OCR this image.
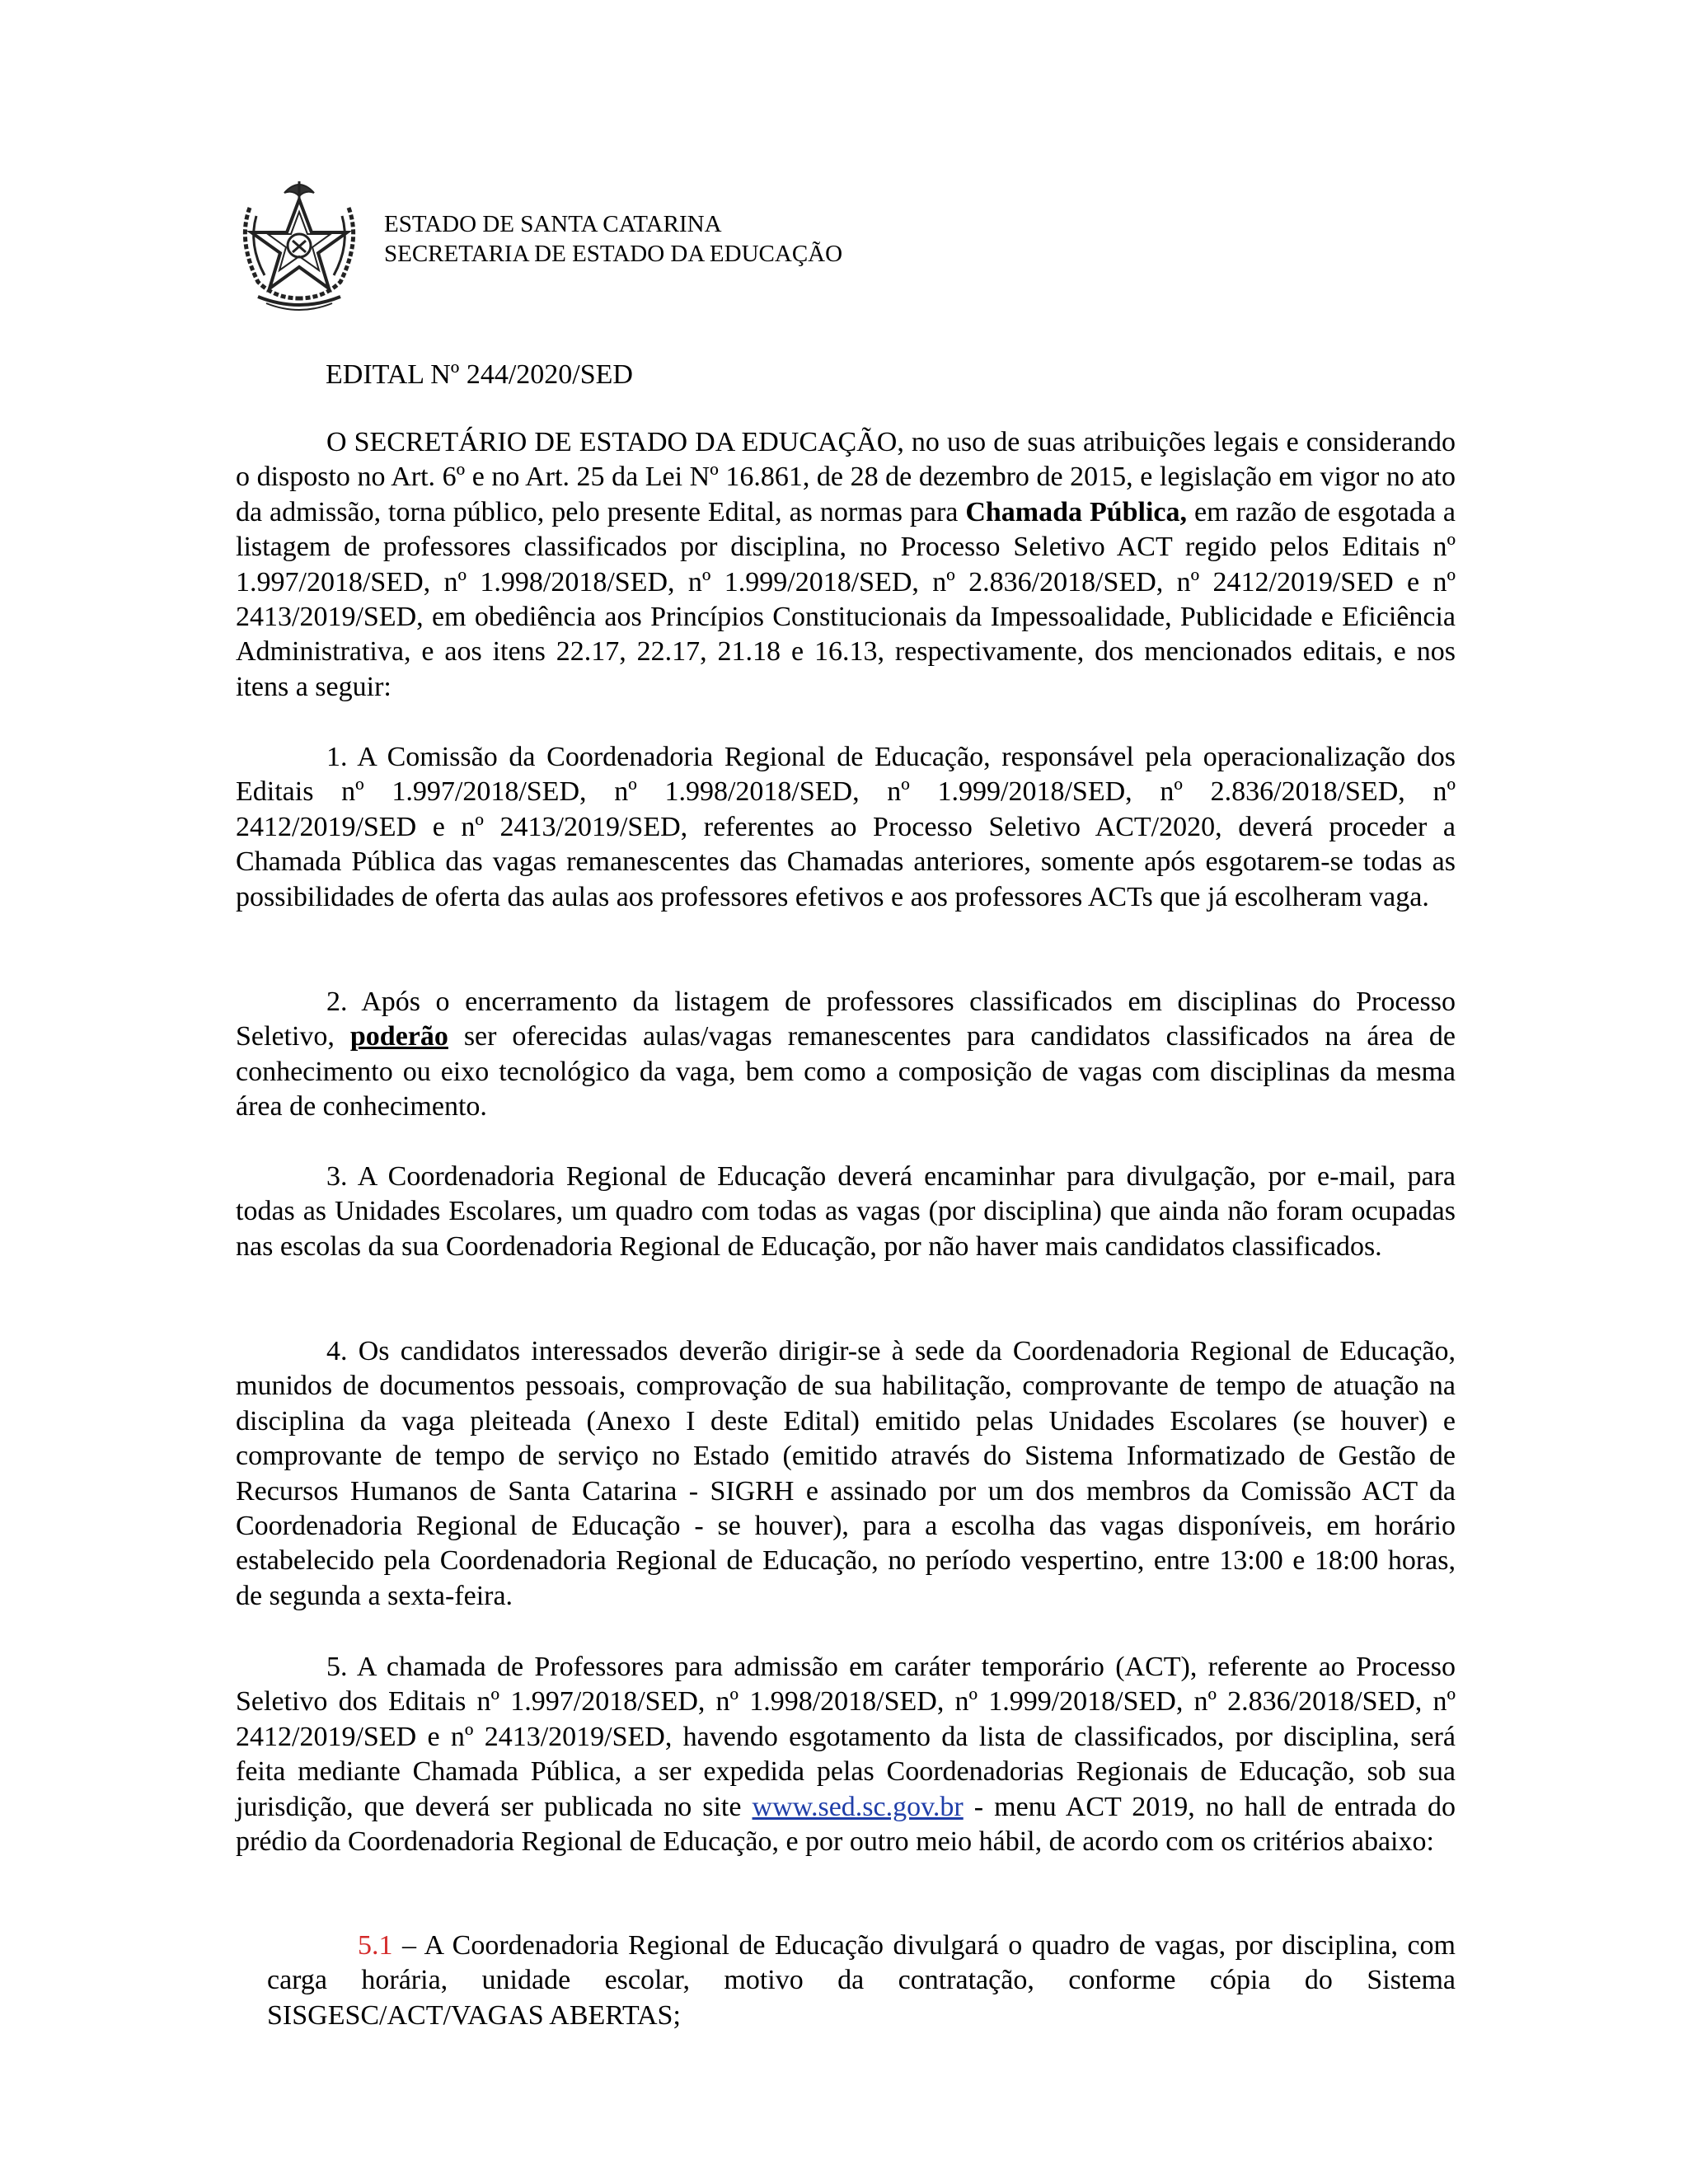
ESTADO DE SANTA CATARINA
SECRETARIA DE ESTADO DA EDUCAÇÃO
EDITAL Nº 244/2020/SED

O SECRETÁRIO DE ESTADO DA EDUCAÇÃO, no uso de suas atribuições legais e considerando o disposto no Art. 6º e no Art. 25 da Lei Nº 16.861, de 28 de dezembro de 2015, e legislação em vigor no ato da admissão, torna público, pelo presente Edital, as normas para Chamada Pública, em razão de esgotada a listagem de professores classificados por disciplina, no Processo Seletivo ACT regido pelos Editais nº 1.997/2018/SED, nº 1.998/2018/SED, nº 1.999/2018/SED, nº 2.836/2018/SED, nº 2412/2019/SED e nº 2413/2019/SED, em obediência aos Princípios Constitucionais da Impessoalidade, Publicidade e Eficiência Administrativa, e aos itens 22.17, 22.17, 21.18 e 16.13, respectivamente, dos mencionados editais, e nos itens a seguir:

1. A Comissão da Coordenadoria Regional de Educação, responsável pela operacionalização dos Editais nº 1.997/2018/SED, nº 1.998/2018/SED, nº 1.999/2018/SED, nº 2.836/2018/SED, nº 2412/2019/SED e nº 2413/2019/SED, referentes ao Processo Seletivo ACT/2020, deverá proceder a Chamada Pública das vagas remanescentes das Chamadas anteriores, somente após esgotarem-se todas as possibilidades de oferta das aulas aos professores efetivos e aos professores ACTs que já escolheram vaga.

2. Após o encerramento da listagem de professores classificados em disciplinas do Processo Seletivo, poderão ser oferecidas aulas/vagas remanescentes para candidatos classificados na área de conhecimento ou eixo tecnológico da vaga, bem como a composição de vagas com disciplinas da mesma área de conhecimento.

3. A Coordenadoria Regional de Educação deverá encaminhar para divulgação, por e-mail, para todas as Unidades Escolares, um quadro com todas as vagas (por disciplina) que ainda não foram ocupadas nas escolas da sua Coordenadoria Regional de Educação, por não haver mais candidatos classificados.

4. Os candidatos interessados deverão dirigir-se à sede da Coordenadoria Regional de Educação, munidos de documentos pessoais, comprovação de sua habilitação, comprovante de tempo de atuação na disciplina da vaga pleiteada (Anexo I deste Edital) emitido pelas Unidades Escolares (se houver) e comprovante de tempo de serviço no Estado (emitido através do Sistema Informatizado de Gestão de Recursos Humanos de Santa Catarina - SIGRH e assinado por um dos membros da Comissão ACT da Coordenadoria Regional de Educação - se houver), para a escolha das vagas disponíveis, em horário estabelecido pela Coordenadoria Regional de Educação, no período vespertino, entre 13:00 e 18:00 horas, de segunda a sexta-feira.

5. A chamada de Professores para admissão em caráter temporário (ACT), referente ao Processo Seletivo dos Editais nº 1.997/2018/SED, nº 1.998/2018/SED, nº 1.999/2018/SED, nº 2.836/2018/SED, nº 2412/2019/SED e nº 2413/2019/SED, havendo esgotamento da lista de classificados, por disciplina, será feita mediante Chamada Pública, a ser expedida pelas Coordenadorias Regionais de Educação, sob sua jurisdição, que deverá ser publicada no site www.sed.sc.gov.br - menu ACT 2019, no hall de entrada do prédio da Coordenadoria Regional de Educação, e por outro meio hábil, de acordo com os critérios abaixo:

5.1 – A Coordenadoria Regional de Educação divulgará o quadro de vagas, por disciplina, com carga horária, unidade escolar, motivo da contratação, conforme cópia do Sistema SISGESC/ACT/VAGAS ABERTAS;
